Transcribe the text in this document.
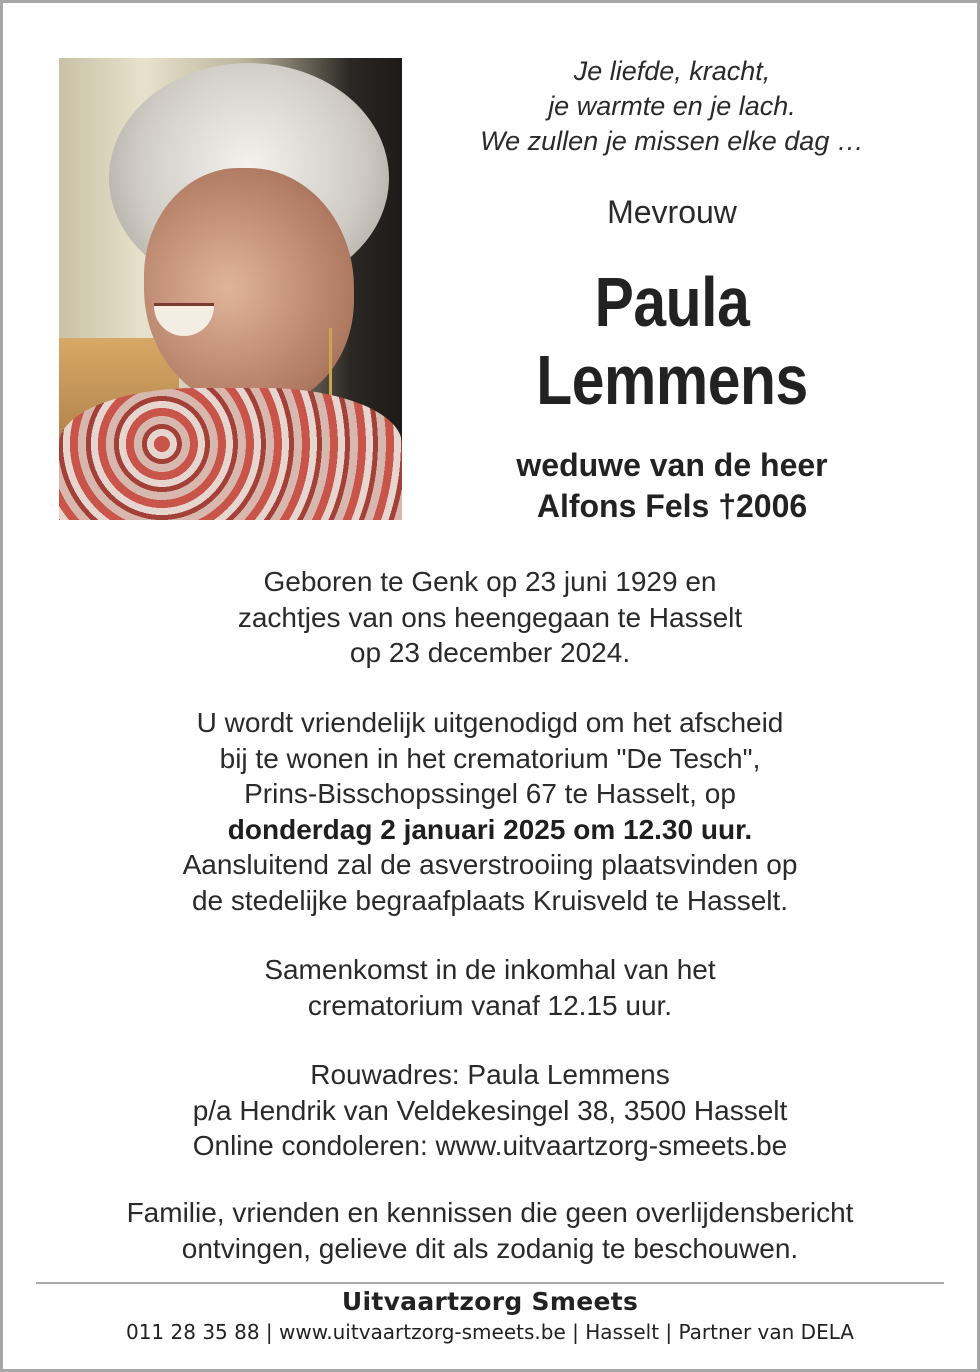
Je liefde, kracht,
je warmte en je lach.
We zullen je missen elke dag …
Mevrouw
Paula
Lemmens
weduwe van de heer
Alfons Fels †2006
Geboren te Genk op 23 juni 1929 en
zachtjes van ons heengegaan te Hasselt
op 23 december 2024.
U wordt vriendelijk uitgenodigd om het afscheid
bij te wonen in het crematorium "De Tesch",
Prins-Bisschopssingel 67 te Hasselt, op
donderdag 2 januari 2025 om 12.30 uur.
Aansluitend zal de asverstrooiing plaatsvinden op
de stedelijke begraafplaats Kruisveld te Hasselt.
Samenkomst in de inkomhal van het
crematorium vanaf 12.15 uur.
Rouwadres: Paula Lemmens
p/a Hendrik van Veldekesingel 38, 3500 Hasselt
Online condoleren: www.uitvaartzorg-smeets.be
Familie, vrienden en kennissen die geen overlijdensbericht
ontvingen, gelieve dit als zodanig te beschouwen.
Uitvaartzorg Smeets
011 28 35 88 | www.uitvaartzorg-smeets.be | Hasselt | Partner van DELA
